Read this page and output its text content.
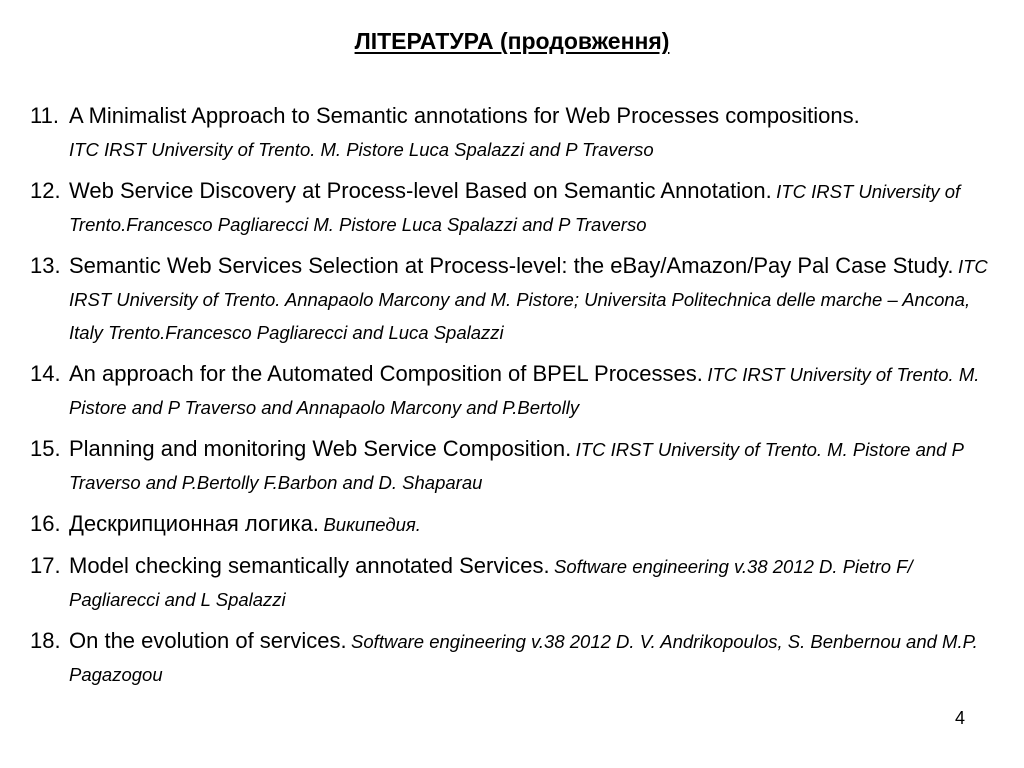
ЛІТЕРАТУРА (продовження)
11. A Minimalist Approach to Semantic annotations for Web Processes compositions.
ITC IRST University of Trento. M. Pistore Luca Spalazzi and P Traverso
12. Web Service Discovery at Process-level Based on Semantic Annotation. ITC IRST University of Trento.Francesco Pagliarecci M. Pistore Luca Spalazzi and P Traverso
13. Semantic Web Services Selection at Process-level: the eBay/Amazon/Pay Pal Case Study. ITC IRST University of Trento. Annapaolo Marcony and M. Pistore; Universita Politechnica delle marche – Ancona, Italy Trento.Francesco Pagliarecci and Luca Spalazzi
14. An approach for the Automated Composition of BPEL Processes. ITC IRST University of Trento. M. Pistore and P Traverso and Annapaolo Marcony and P.Bertolly
15. Planning and monitoring Web Service Composition. ITC IRST University of Trento. M. Pistore and P Traverso and P.Bertolly F.Barbon and D. Shaparau
16. Дескрипционная логика. Википедия.
17. Model checking semantically annotated Services. Software engineering v.38 2012 D. Pietro F/ Pagliarecci and L Spalazzi
18. On the evolution of services. Software engineering v.38 2012 D. V. Andrikopoulos, S. Benbernou and M.P. Pagazogou
4
